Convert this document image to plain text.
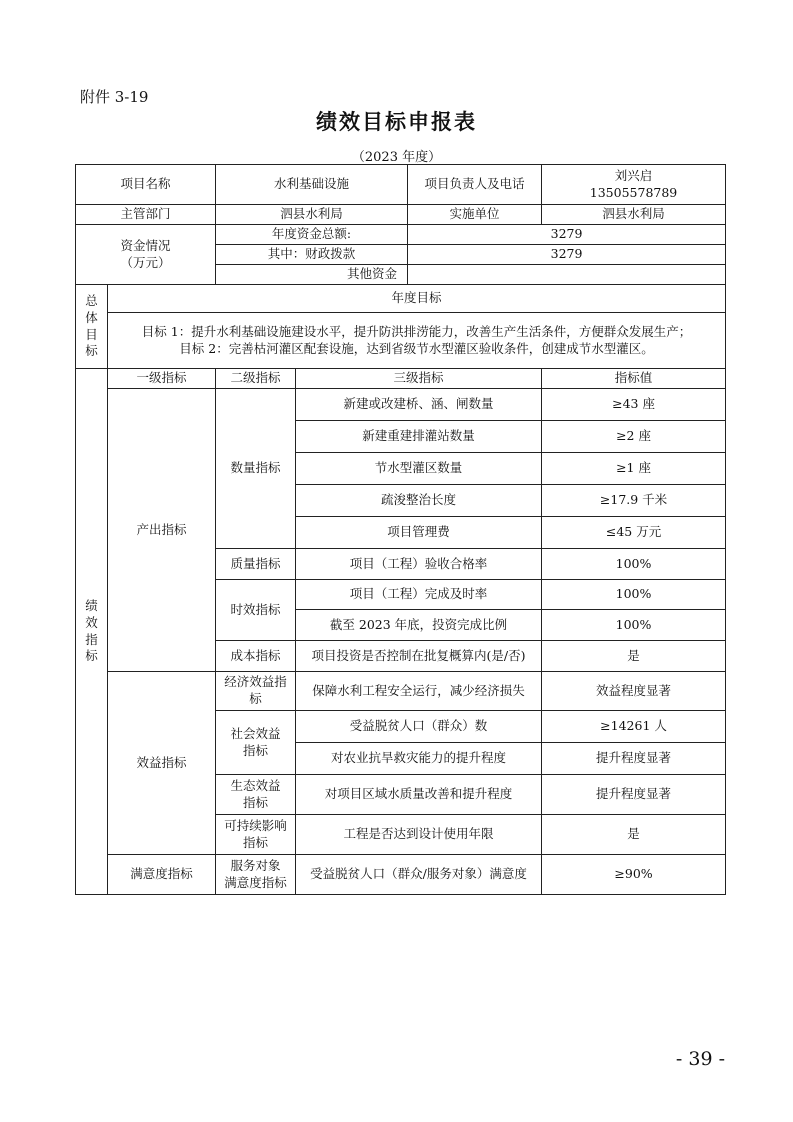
附件 3-19
绩效目标申报表
（2023 年度）
项目名称		水利基础设施		项目负责人及电话	刘兴启
13505578789

主管部门		泗县水利局		实施单位	泗县水利局

资金情况
（万元）		年度资金总额:		3279	
		其中：财政拨款		3279	
		其他资金			

总
体
目
标	年度目标				

	目标 1：提升水利基础设施建设水平，提升防洪排涝能力，改善生产生活条件，方便群众发展生产；
目标 2：完善枯河灌区配套设施，达到省级节水型灌区验收条件，创建成节水型灌区。				

绩
效
指
标	一级指标	二级指标	三级指标		指标值
	产出指标	数量指标	新建或改建桥、涵、闸数量		≥43 座
			新建重建排灌站数量		≥2 座
			节水型灌区数量		≥1 座
			疏浚整治长度		≥17.9 千米
			项目管理费		≤45 万元
		质量指标	项目（工程）验收合格率		100%
		时效指标	项目（工程）完成及时率		100%
			截至 2023 年底，投资完成比例		100%
		成本指标	项目投资是否控制在批复概算内(是/否)		是
	效益指标	经济效益指
标	保障水利工程安全运行，减少经济损失		效益程度显著

		社会效益
指标	受益脱贫人口（群众）数		≥14261 人
			对农业抗旱救灾能力的提升程度		提升程度显著

		生态效益
指标	对项目区域水质量改善和提升程度		提升程度显著

		可持续影响
指标	工程是否达到设计使用年限		是
	满意度指标	服务对象
满意度指标	受益脱贫人口（群众/服务对象）满意度		≥90%
- 39 -
